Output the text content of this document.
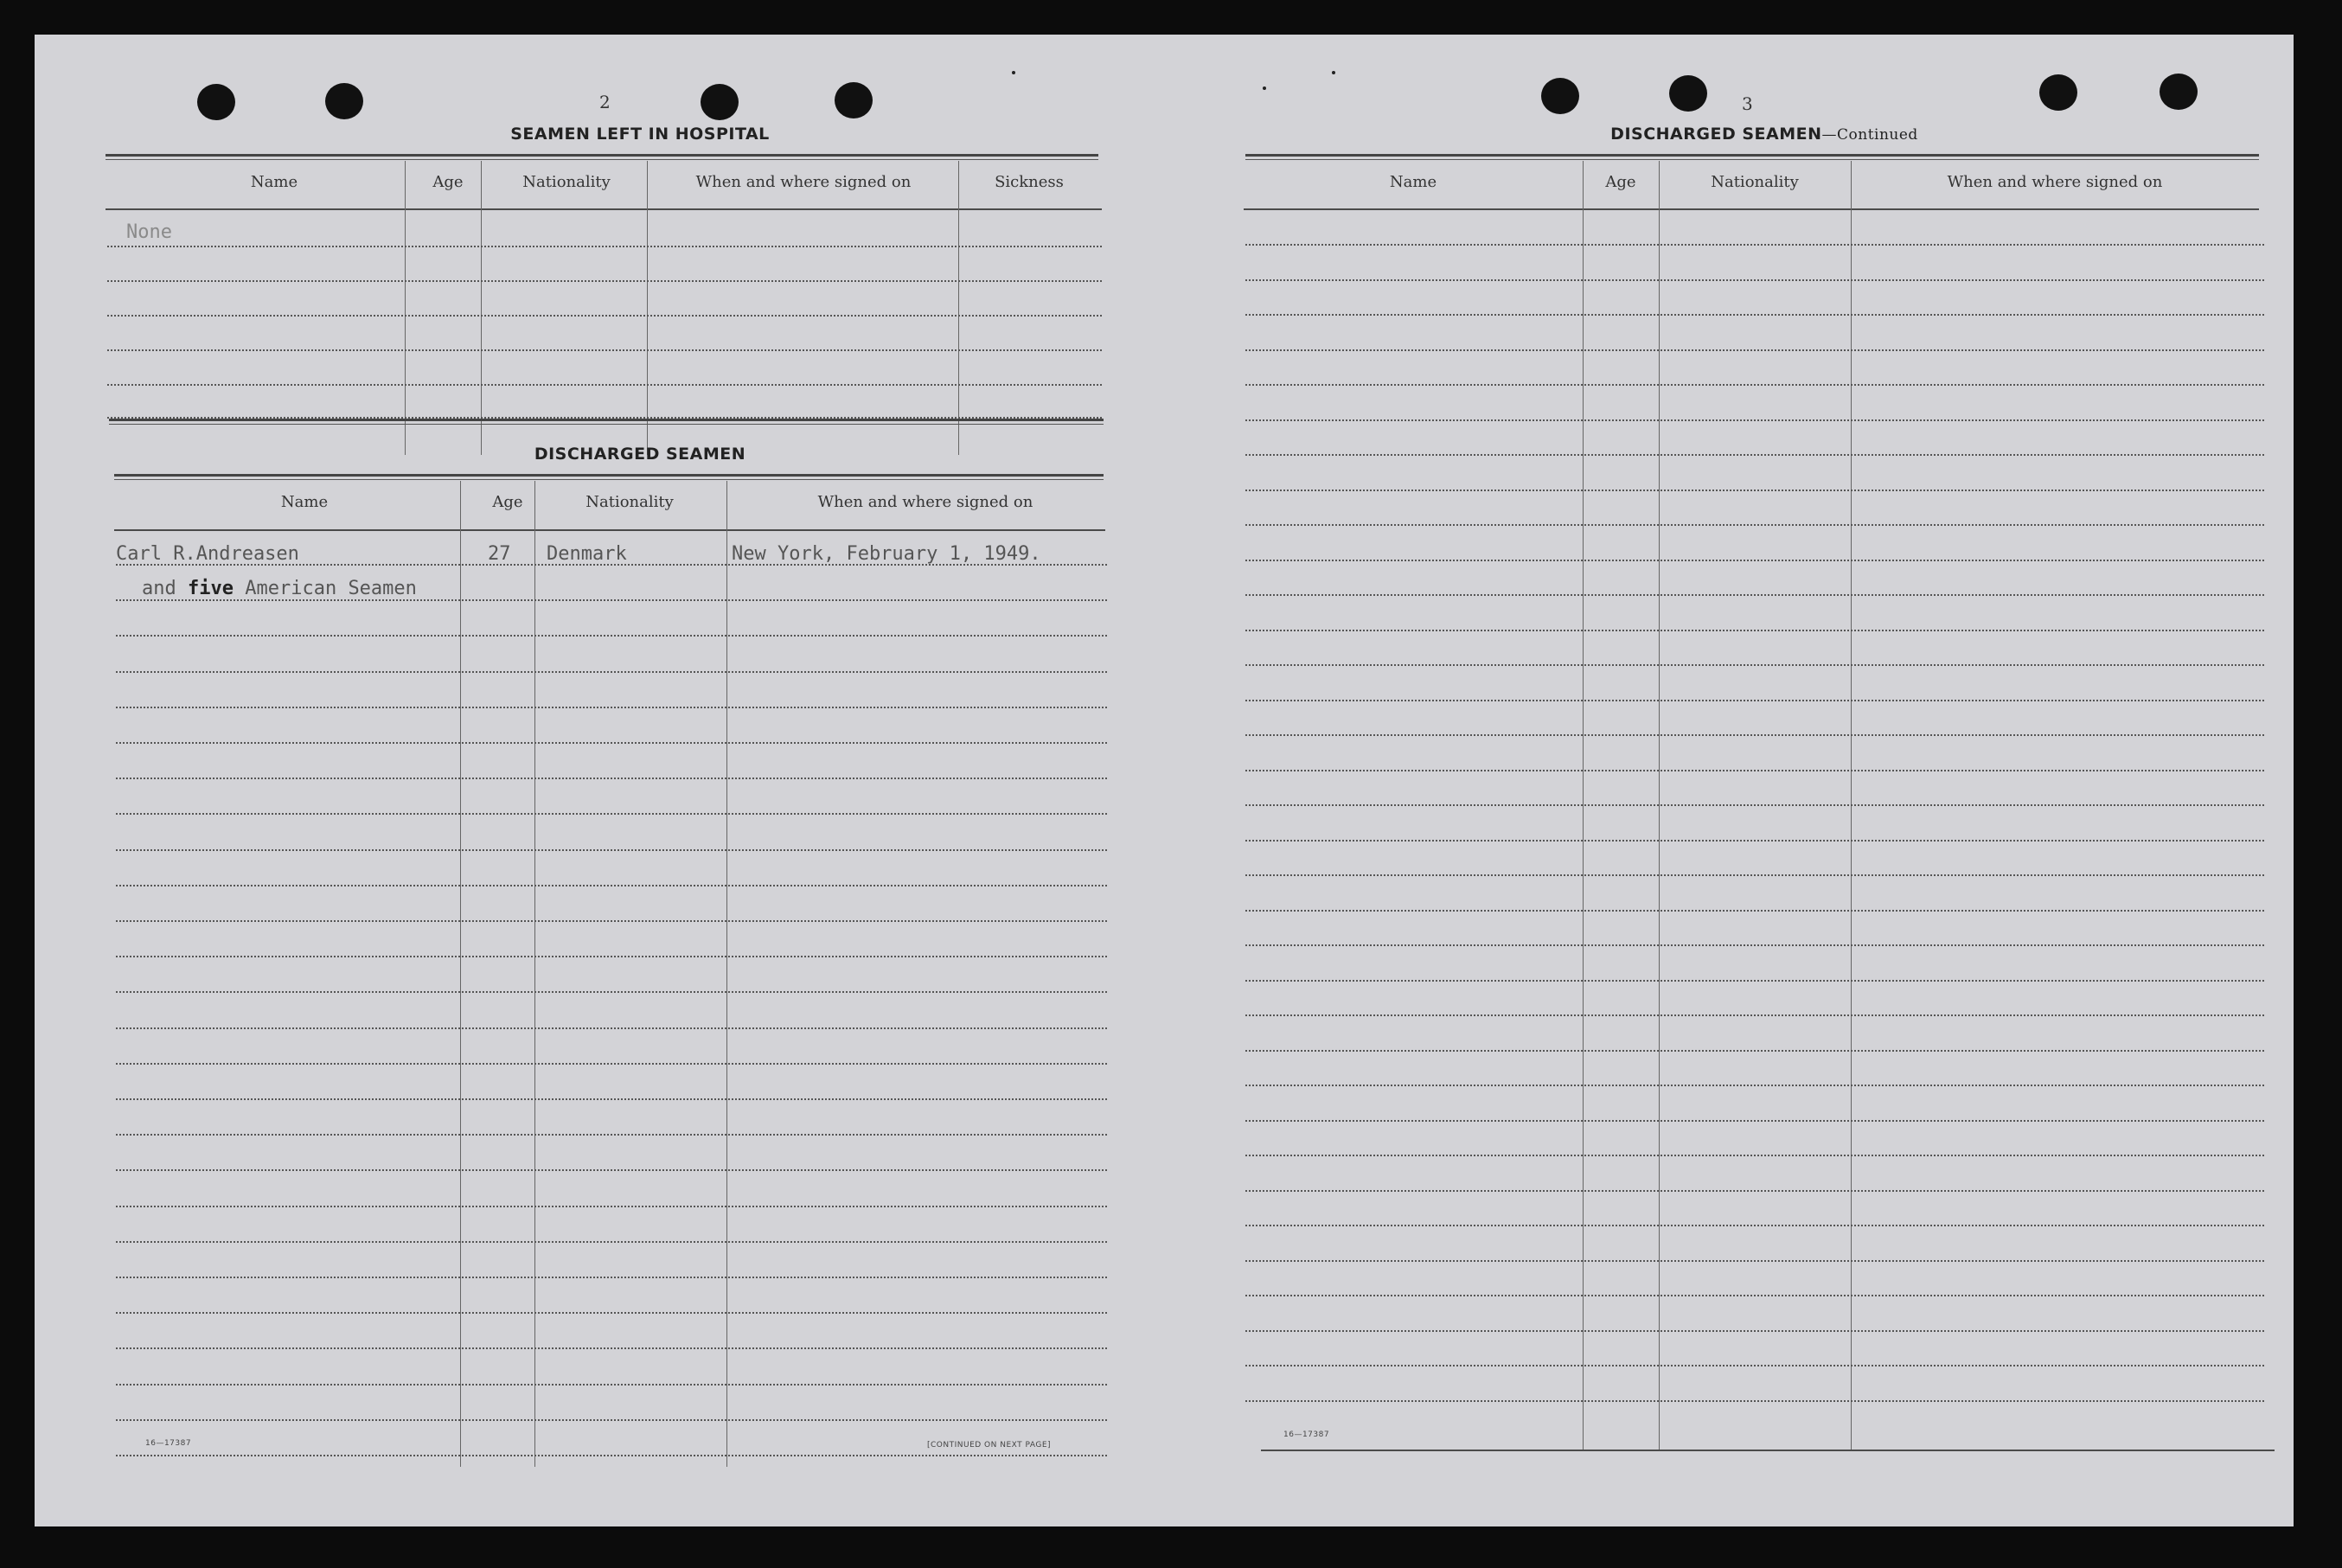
2
SEAMEN LEFT IN HOSPITAL
Name	Age	Nationality	When and where signed on	Sickness
None
DISCHARGED SEAMEN
Name	Age	Nationality	When and where signed on
Carl R.Andreasen	27 Denmark	New York, February 1, 1949.
and five American Seamen
16—17387	[CONTINUED ON NEXT PAGE]
3
DISCHARGED SEAMEN—Continued
Name	Age	Nationality	When and where signed on
16—17387
